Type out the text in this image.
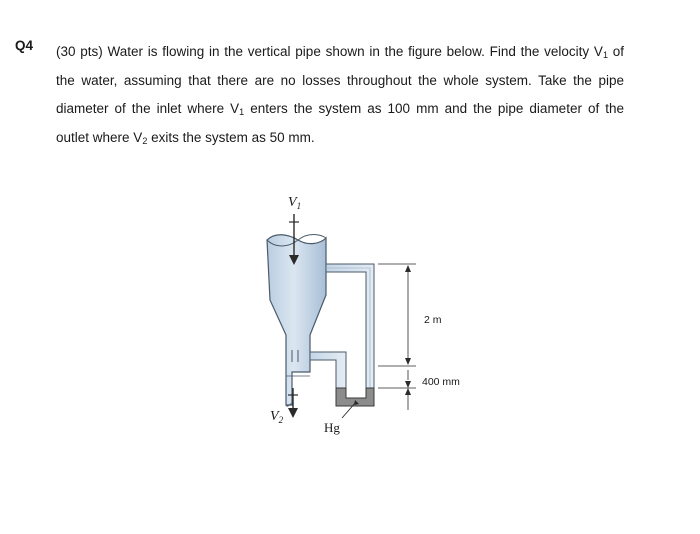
Q4 (30 pts) Water is flowing in the vertical pipe shown in the figure below. Find the velocity $V_1$ of
the water, assuming that there are no losses throughout the whole system. Take the pipe
diameter of the inlet where $V_1$ enters the system as 100 mm and the pipe diameter of the
outlet where $V_2$ exits the system as 50 mm.
$V_1$
$V_2$	Hg
2 m
400 mm
